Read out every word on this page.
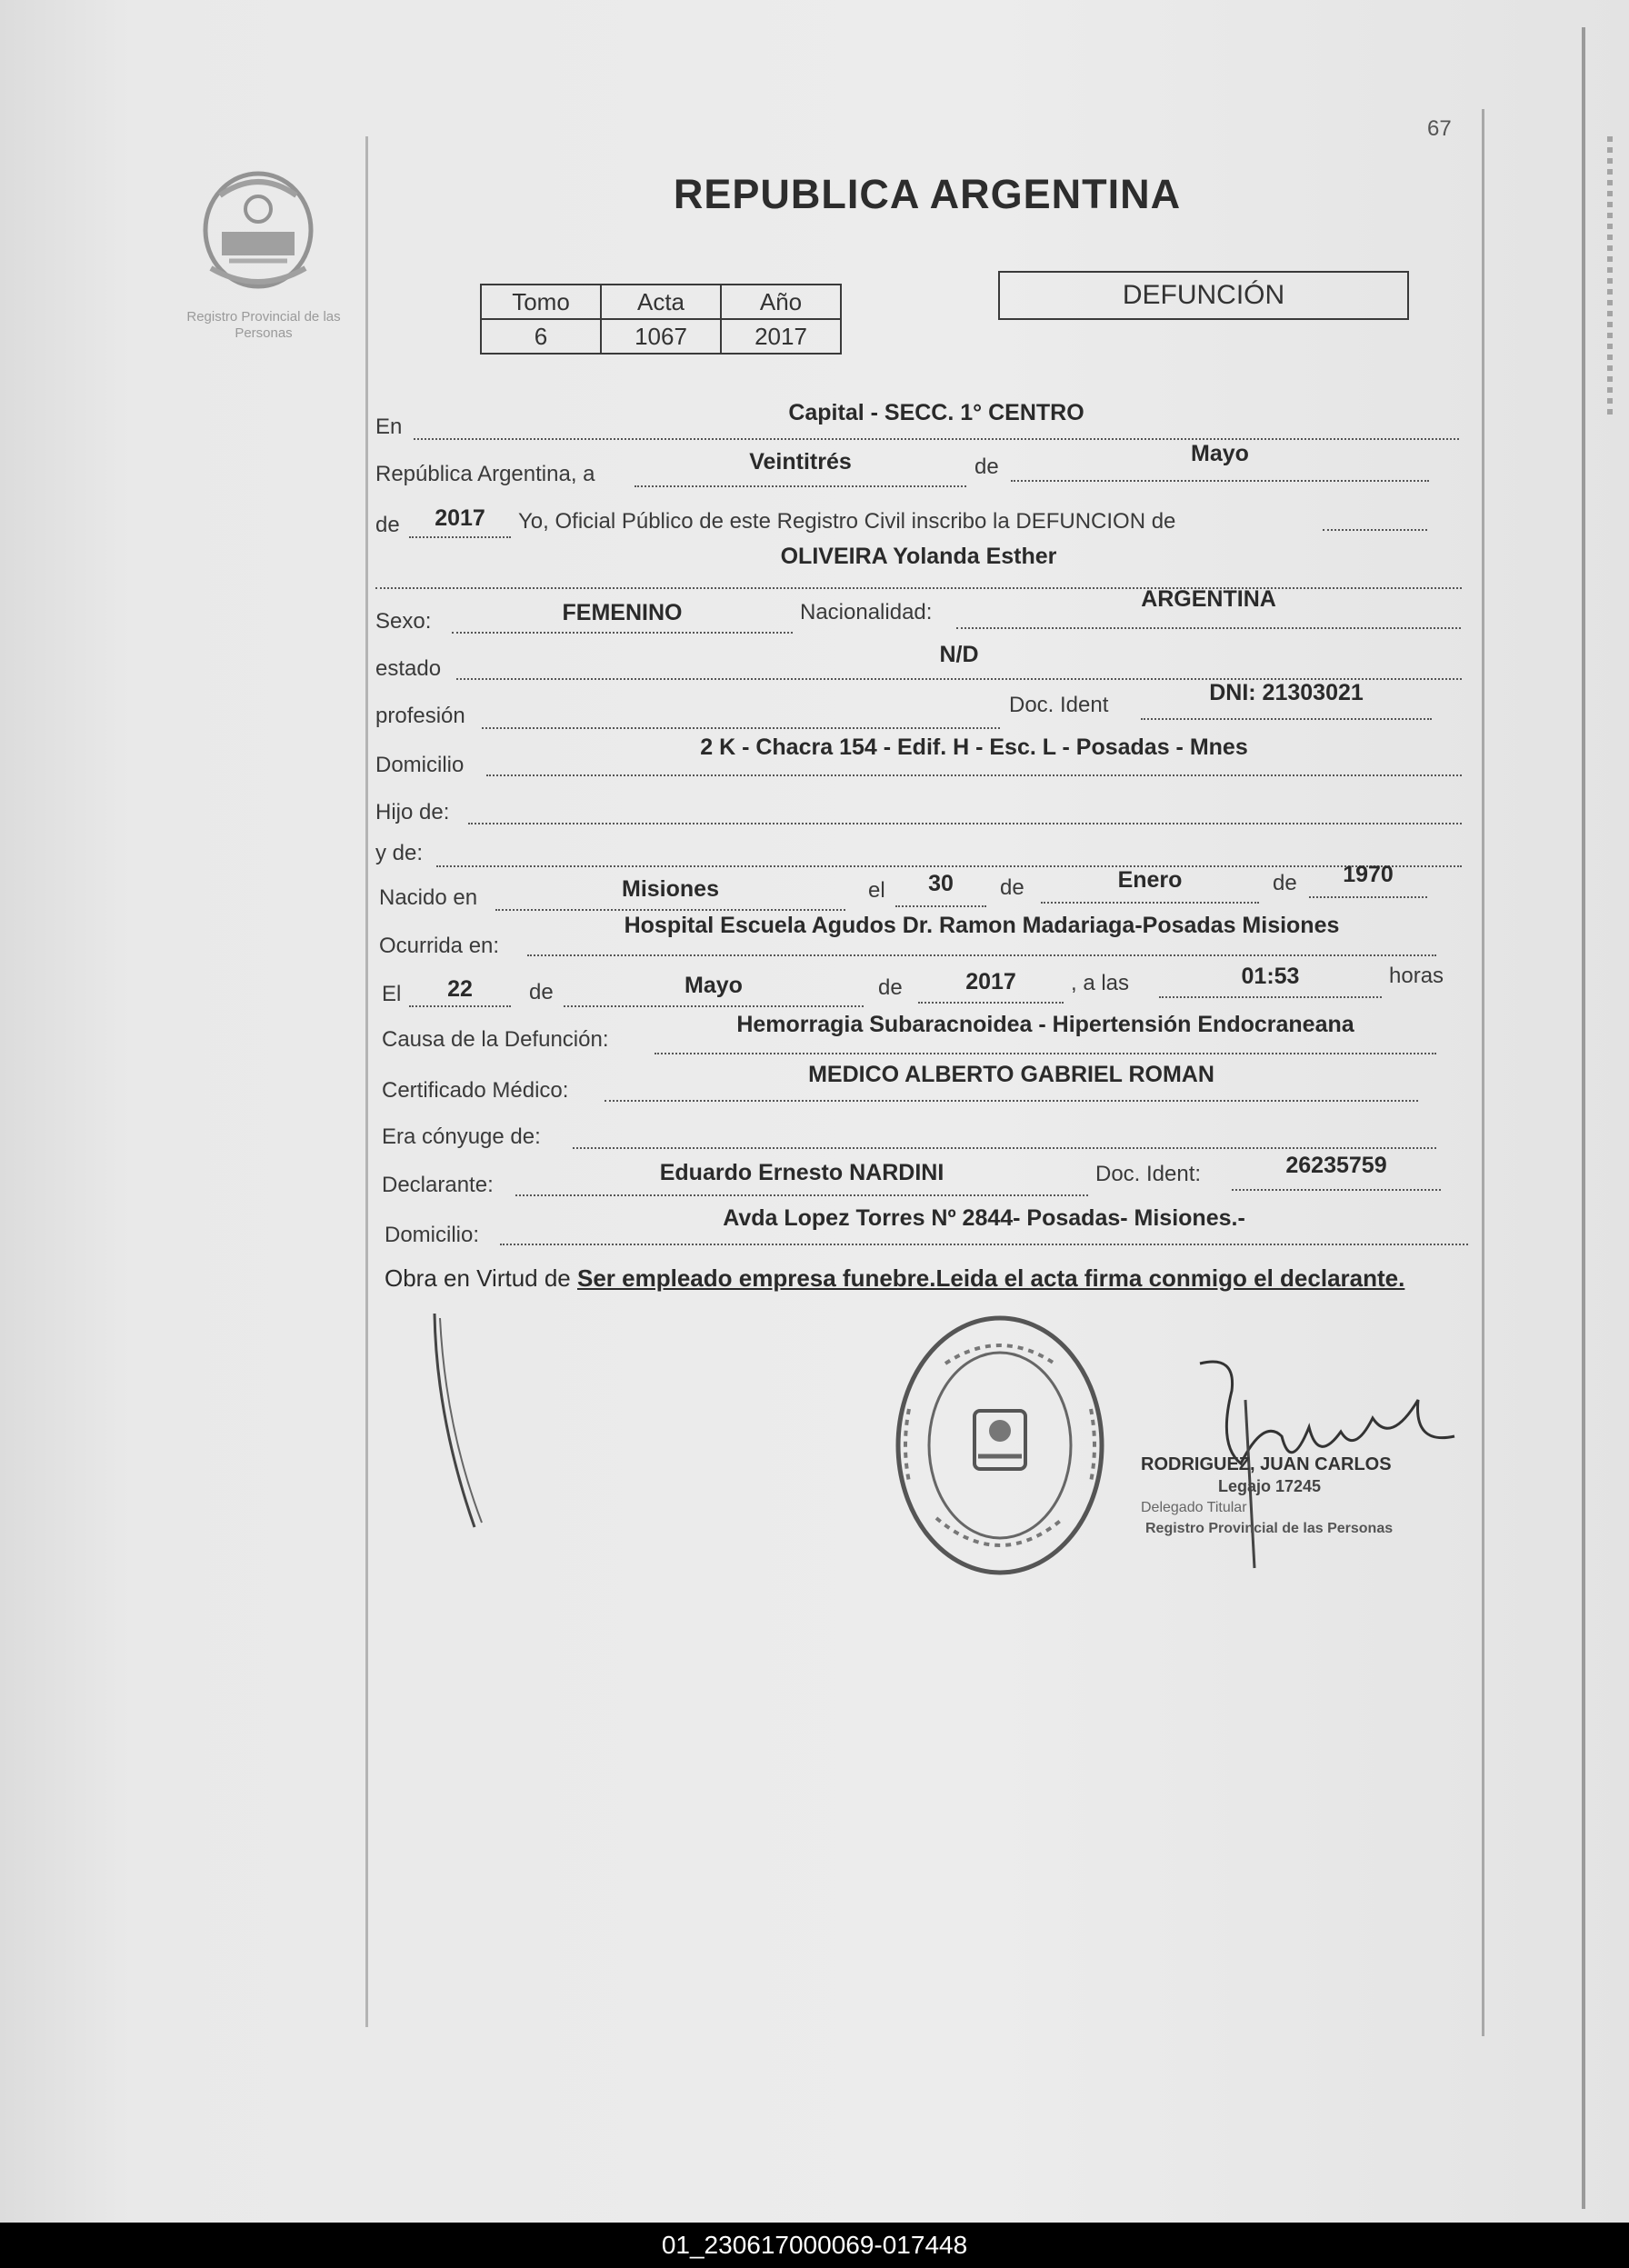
67
Registro Provincial de las Personas
REPUBLICA ARGENTINA
Tomo	Acta	Año
6	1067	2017
DEFUNCIÓN
En
Capital - SECC. 1° CENTRO
República Argentina, a	Veintitrés	de
Mayo
de	2017	Yo, Oficial Público de este Registro Civil inscribo la DEFUNCION de
OLIVEIRA Yolanda Esther
Sexo:	FEMENINO	Nacionalidad:
ARGENTINA
estado
N/D
profesión	Doc. Ident	DNI: 21303021
Domicilio
2 K - Chacra 154 - Edif. H - Esc. L - Posadas - Mnes
Hijo de:
y de:
Nacido en	Misiones	el	30	de	Enero	de	1970
Ocurrida en:
Hospital Escuela Agudos Dr. Ramon Madariaga-Posadas Misiones
El	22	de	Mayo	de	2017	, a las	01:53	horas
Causa de la Defunción:
Hemorragia Subaracnoidea - Hipertensión Endocraneana
Certificado Médico:
MEDICO ALBERTO GABRIEL ROMAN
Era cónyuge de:
Declarante:	Eduardo Ernesto NARDINI	Doc. Ident:	26235759
Domicilio:
Avda Lopez Torres Nº 2844- Posadas- Misiones.-
Obra en Virtud de Ser empleado empresa funebre.Leida el acta firma conmigo el declarante.
RODRIGUEZ, JUAN CARLOS
Legajo 17245
Delegado Titular
Registro Provincial de las Personas
01_230617000069-017448
